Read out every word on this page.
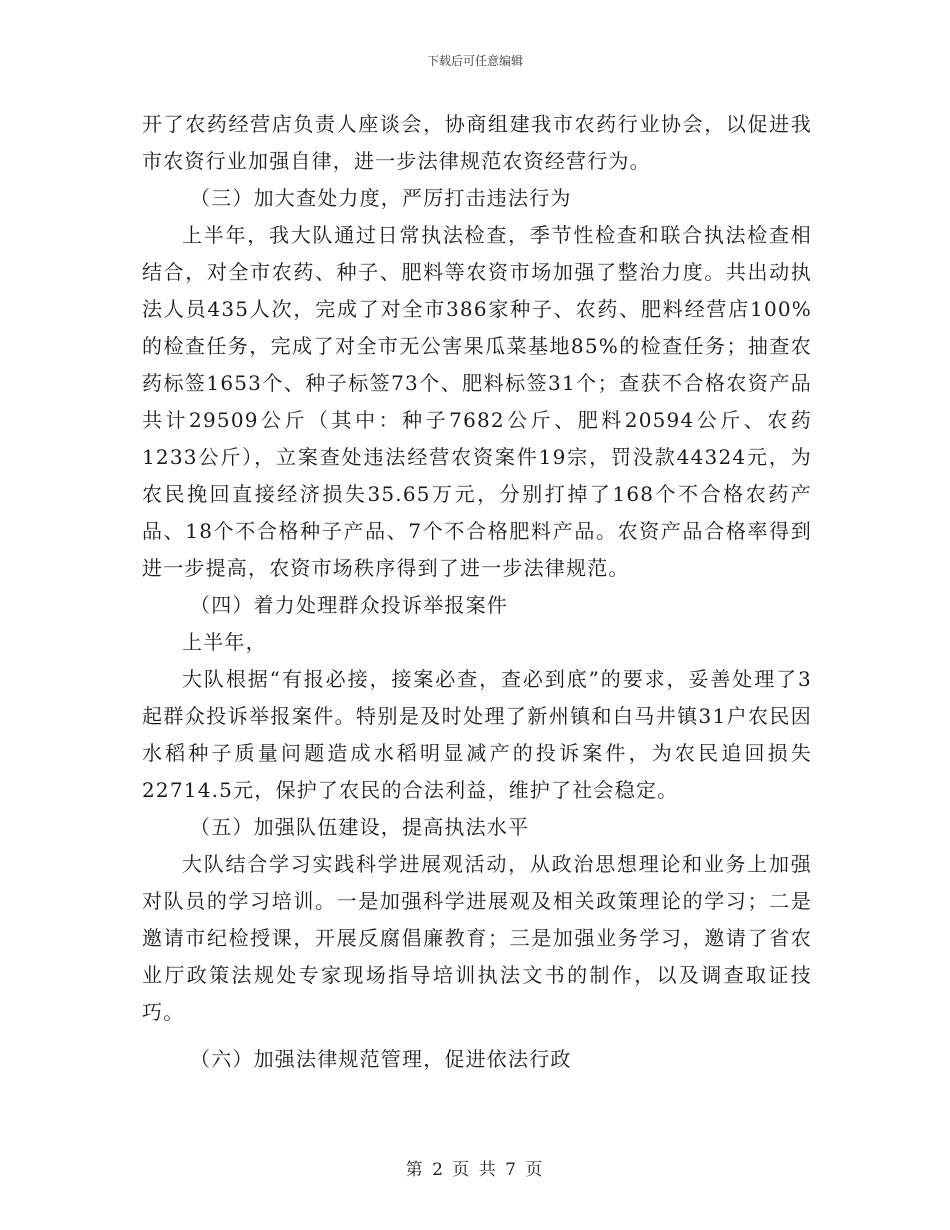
下载后可任意编辑

开了农药经营店负责人座谈会，协商组建我市农药行业协会，以促进我市农资行业加强自律，进一步法律规范农资经营行为。

（三）加大查处力度，严厉打击违法行为

上半年，我大队通过日常执法检查，季节性检查和联合执法检查相结合，对全市农药、种子、肥料等农资市场加强了整治力度。共出动执法人员435人次，完成了对全市386家种子、农药、肥料经营店100%的检查任务，完成了对全市无公害果瓜菜基地85%的检查任务；抽查农药标签1653个、种子标签73个、肥料标签31个；查获不合格农资产品共计29509公斤（其中：种子7682公斤、肥料20594公斤、农药1233公斤），立案查处违法经营农资案件19宗，罚没款44324元，为农民挽回直接经济损失35.65万元，分别打掉了168个不合格农药产品、18个不合格种子产品、7个不合格肥料产品。农资产品合格率得到进一步提高，农资市场秩序得到了进一步法律规范。

（四）着力处理群众投诉举报案件

上半年，

大队根据“有报必接，接案必查，查必到底”的要求，妥善处理了3起群众投诉举报案件。特别是及时处理了新州镇和白马井镇31户农民因水稻种子质量问题造成水稻明显减产的投诉案件，为农民追回损失22714.5元，保护了农民的合法利益，维护了社会稳定。

（五）加强队伍建设，提高执法水平

大队结合学习实践科学进展观活动，从政治思想理论和业务上加强对队员的学习培训。一是加强科学进展观及相关政策理论的学习；二是邀请市纪检授课，开展反腐倡廉教育；三是加强业务学习，邀请了省农业厅政策法规处专家现场指导培训执法文书的制作，以及调查取证技巧。

（六）加强法律规范管理，促进依法行政

第 2 页 共 7 页
